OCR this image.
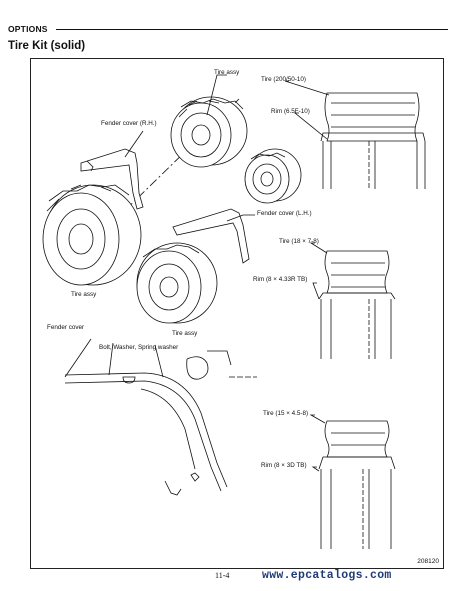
OPTIONS
Tire Kit (solid)
Tire assy
Tire (200/50-10)
Rim (6.5F-10)
Fender cover (R.H.)
Fender cover (L.H.)
Tire (18 × 7-8)
Rim (8 × 4.33R TB)
Tire assy
Tire assy
Fender cover
Bolt, Washer, Spring washer
Tire (15 × 4.5-8)
Rim (8 × 3D TB)
208120
11-4	www.epcatalogs.com
